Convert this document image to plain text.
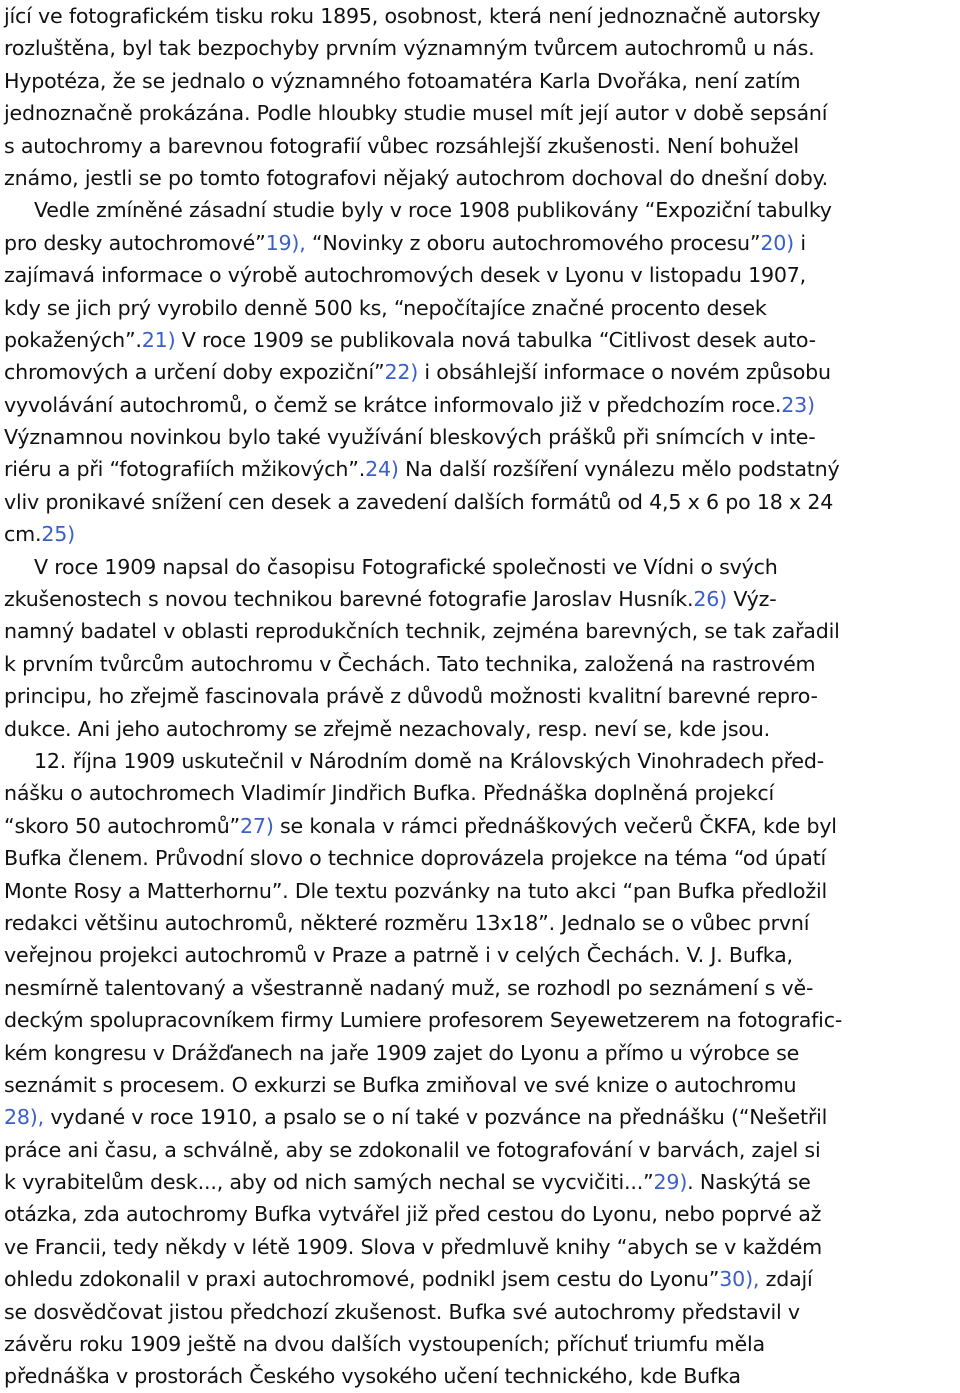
jící ve fotografickém tisku roku 1895, osobnost, která není jednoznačně autorsky
rozluštěna, byl tak bezpochyby prvním významným tvůrcem autochromů u nás.
Hypotéza, že se jednalo o významného fotoamatéra Karla Dvořáka, není zatím
jednoznačně prokázána. Podle hloubky studie musel mít její autor v době sepsání
s autochromy a barevnou fotografií vůbec rozsáhlejší zkušenosti. Není bohužel
známo, jestli se po tomto fotografovi nějaký autochrom dochoval do dnešní doby.
Vedle zmíněné zásadní studie byly v roce 1908 publikovány “Expoziční tabulky
pro desky autochromové”19), “Novinky z oboru autochromového procesu”20) i
zajímavá informace o výrobě autochromových desek v Lyonu v listopadu 1907,
kdy se jich prý vyrobilo denně 500 ks, “nepočítajíce značné procento desek
pokažených”.21) V roce 1909 se publikovala nová tabulka “Citlivost desek auto-
chromových a určení doby expoziční”22) i obsáhlejší informace o novém způsobu
vyvolávání autochromů, o čemž se krátce informovalo již v předchozím roce.23)
Významnou novinkou bylo také využívání bleskových prášků při snímcích v inte-
riéru a při “fotografiích mžikových”.24) Na další rozšíření vynálezu mělo podstatný
vliv pronikavé snížení cen desek a zavedení dalších formátů od 4,5 x 6 po 18 x 24
cm.25)
V roce 1909 napsal do časopisu Fotografické společnosti ve Vídni o svých
zkušenostech s novou technikou barevné fotografie Jaroslav Husník.26) Výz-
namný badatel v oblasti reprodukčních technik, zejména barevných, se tak zařadil
k prvním tvůrcům autochromu v Čechách. Tato technika, založená na rastrovém
principu, ho zřejmě fascinovala právě z důvodů možnosti kvalitní barevné repro-
dukce. Ani jeho autochromy se zřejmě nezachovaly, resp. neví se, kde jsou.
12. října 1909 uskutečnil v Národním domě na Královských Vinohradech před-
nášku o autochromech Vladimír Jindřich Bufka. Přednáška doplněná projekcí
“skoro 50 autochromů”27) se konala v rámci přednáškových večerů ČKFA, kde byl
Bufka členem. Průvodní slovo o technice doprovázela projekce na téma “od úpatí
Monte Rosy a Matterhornu”. Dle textu pozvánky na tuto akci “pan Bufka předložil
redakci většinu autochromů, některé rozměru 13x18”. Jednalo se o vůbec první
veřejnou projekci autochromů v Praze a patrně i v celých Čechách. V. J. Bufka,
nesmírně talentovaný a všestranně nadaný muž, se rozhodl po seznámení s vě-
deckým spolupracovníkem firmy Lumiere profesorem Seyewetzerem na fotografic-
kém kongresu v Drážďanech na jaře 1909 zajet do Lyonu a přímo u výrobce se
seznámit s procesem. O exkurzi se Bufka zmiňoval ve své knize o autochromu
28), vydané v roce 1910, a psalo se o ní také v pozvánce na přednášku (“Nešetřil
práce ani času, a schválně, aby se zdokonalil ve fotografování v barvách, zajel si
k vyrabitelům desk..., aby od nich samých nechal se vycvičiti...”29). Naskýtá se
otázka, zda autochromy Bufka vytvářel již před cestou do Lyonu, nebo poprvé až
ve Francii, tedy někdy v létě 1909. Slova v předmluvě knihy “abych se v každém
ohledu zdokonalil v praxi autochromové, podnikl jsem cestu do Lyonu”30), zdají
se dosvědčovat jistou předchozí zkušenost. Bufka své autochromy představil v
závěru roku 1909 ještě na dvou dalších vystoupeních; příchuť triumfu měla
přednáška v prostorách Českého vysokého učení technického, kde Bufka
